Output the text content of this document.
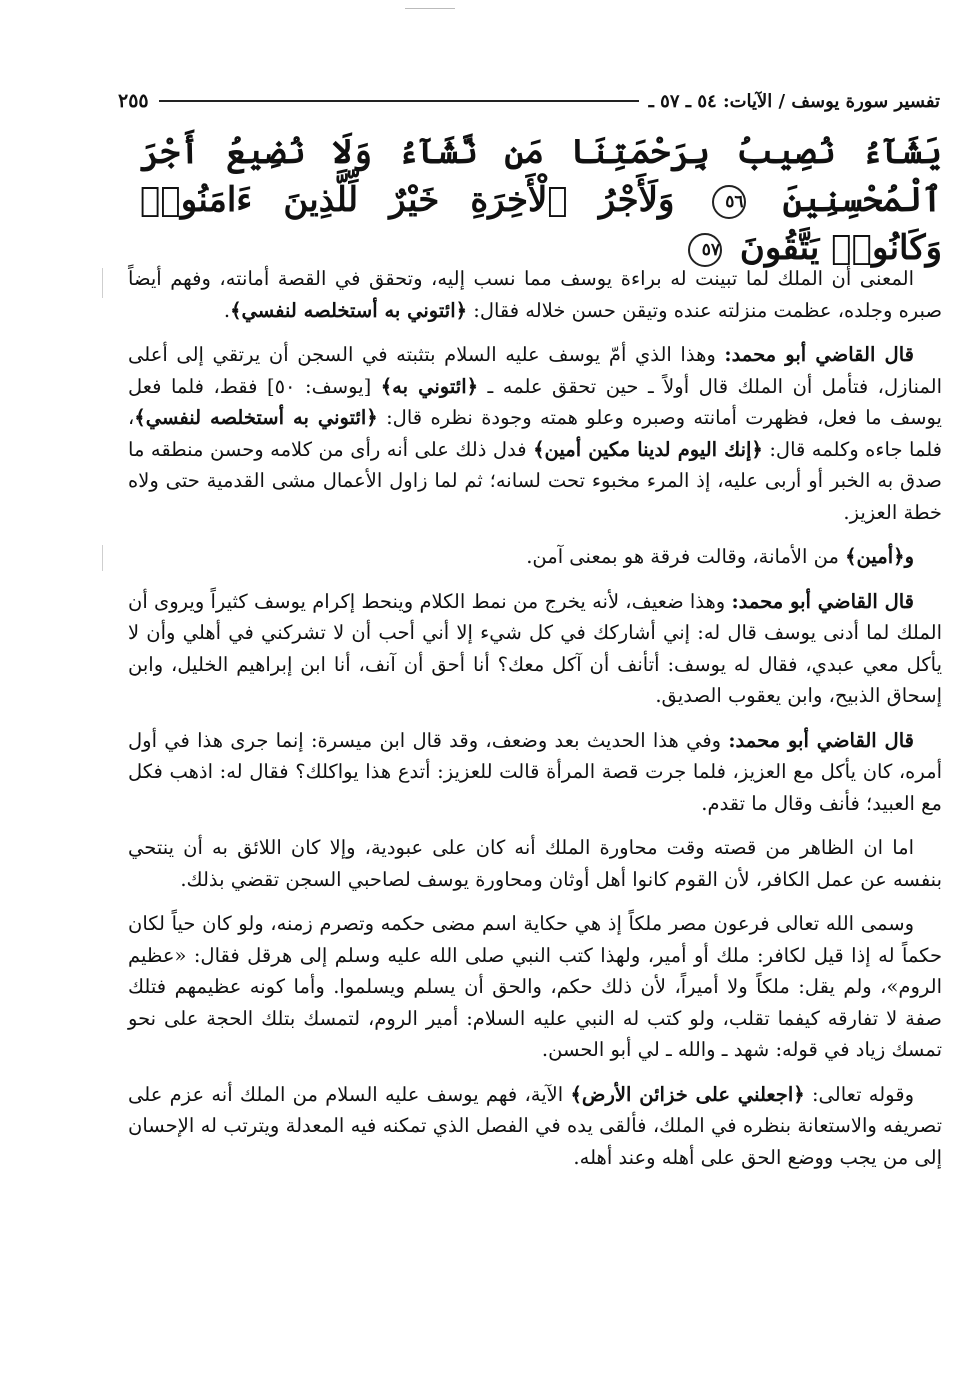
تفسير سورة يوسف / الآيات: ٥٤ ـ ٥٧ ـ
٢٥٥
يَشَآءُ نُصِيبُ بِرَحْمَتِنَا مَن نَّشَآءُ وَلَا نُضِيعُ أَجْرَ ٱلْمُحْسِنِينَ ٥٦ وَلَأَجْرُ ٱلْأَخِرَةِ خَيْرٌ لِّلَّذِينَ ءَامَنُوا۟ وَكَانُوا۟ يَتَّقُونَ ٥٧

المعنى أن الملك لما تبينت له براءة يوسف مما نسب إليه، وتحقق في القصة أمانته، وفهم أيضاً صبره وجلده، عظمت منزلته عنده وتيقن حسن خلاله فقال: ﴿ائتوني به أستخلصه لنفسي﴾.

قال القاضي أبو محمد: وهذا الذي أمّ يوسف عليه السلام بتثبته في السجن أن يرتقي إلى أعلى المنازل، فتأمل أن الملك قال أولاً ـ حين تحقق علمه ـ ﴿ائتوني به﴾ [يوسف: ٥٠] فقط، فلما فعل يوسف ما فعل، فظهرت أمانته وصبره وعلو همته وجودة نظره قال: ﴿ائتوني به أستخلصه لنفسي﴾، فلما جاءه وكلمه قال: ﴿إنك اليوم لدينا مكين أمين﴾ فدل ذلك على أنه رأى من كلامه وحسن منطقه ما صدق به الخبر أو أربى عليه، إذ المرء مخبوء تحت لسانه؛ ثم لما زاول الأعمال مشى القدمية حتى ولاه خطة العزيز.

و﴿أمين﴾ من الأمانة، وقالت فرقة هو بمعنى آمن.

قال القاضي أبو محمد: وهذا ضعيف، لأنه يخرج من نمط الكلام وينحط إكرام يوسف كثيراً ويروى أن الملك لما أدنى يوسف قال له: إني أشاركك في كل شيء إلا أني أحب أن لا تشركني في أهلي وأن لا يأكل معي عبدي، فقال له يوسف: أتأنف أن آكل معك؟ أنا أحق أن آنف، أنا ابن إبراهيم الخليل، وابن إسحاق الذبيح، وابن يعقوب الصديق.

قال القاضي أبو محمد: وفي هذا الحديث بعد وضعف، وقد قال ابن ميسرة: إنما جرى هذا في أول أمره، كان يأكل مع العزيز، فلما جرت قصة المرأة قالت للعزيز: أتدع هذا يواكلك؟ فقال له: اذهب فكل مع العبيد؛ فأنف وقال ما تقدم.

اما ان الظاهر من قصته وقت محاورة الملك أنه كان على عبودية، وإلا كان اللائق به أن ينتحي بنفسه عن عمل الكافر، لأن القوم كانوا أهل أوثان ومحاورة يوسف لصاحبي السجن تقضي بذلك.

وسمى الله تعالى فرعون مصر ملكاً إذ هي حكاية اسم مضى حكمه وتصرم زمنه، ولو كان حياً لكان حكماً له إذا قيل لكافر: ملك أو أمير، ولهذا كتب النبي صلى الله عليه وسلم إلى هرقل فقال: «عظيم الروم»، ولم يقل: ملكاً ولا أميراً، لأن ذلك حكم، والحق أن يسلم ويسلموا. وأما كونه عظيمهم فتلك صفة لا تفارقه كيفما تقلب، ولو كتب له النبي عليه السلام: أمير الروم، لتمسك بتلك الحجة على نحو تمسك زياد في قوله: شهد ـ والله ـ لي أبو الحسن.

وقوله تعالى: ﴿اجعلني على خزائن الأرض﴾ الآية، فهم يوسف عليه السلام من الملك أنه عزم على تصريفه والاستعانة بنظره في الملك، فألقى يده في الفصل الذي تمكنه فيه المعدلة ويترتب له الإحسان إلى من يجب ووضع الحق على أهله وعند أهله.
